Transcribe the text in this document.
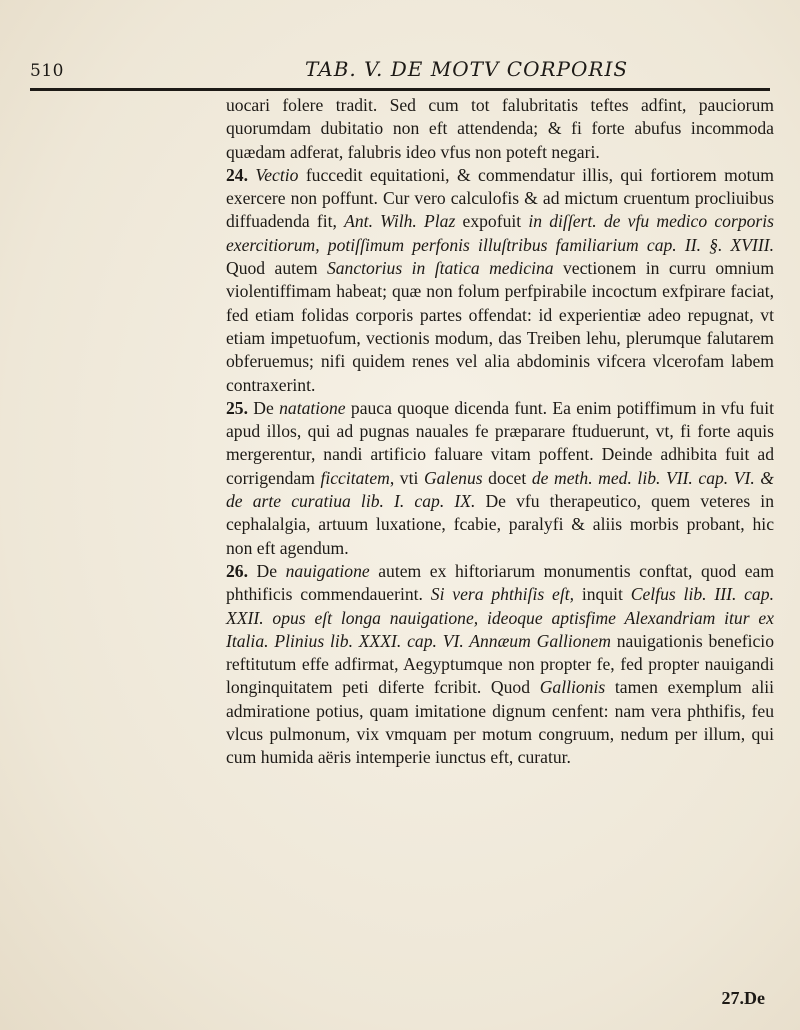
510	TAB. V. DE MOTV CORPORIS

uocari folere tradit. Sed cum tot falubritatis teftes adfint, pauciorum quorumdam dubitatio non eft attendenda; & fi forte abufus incommoda quædam adferat, falubris ideo vfus non poteft negari.

24. Vectio fuccedit equitationi, & commendatur illis, qui fortiorem motum exercere non poffunt. Cur vero calculofis & ad mictum cruentum procliuibus diffuadenda fit, Ant. Wilh. Plaz expofuit in diſſert. de vfu medico corporis exercitiorum, potiſſimum perfonis illuſtribus familiarium cap. II. §. XVIII. Quod autem Sanctorius in ſtatica medicina vectionem in curru omnium violentiffimam habeat; quæ non folum perfpirabile incoctum exfpirare faciat, fed etiam folidas corporis partes offendat: id experientiæ adeo repugnat, vt etiam impetuofum, vectionis modum, das Treiben lehu, plerumque falutarem obferuemus; nifi quidem renes vel alia abdominis vifcera vlcerofam labem contraxerint.

25. De natatione pauca quoque dicenda funt. Ea enim potiffimum in vfu fuit apud illos, qui ad pugnas nauales fe præparare ftuduerunt, vt, fi forte aquis mergerentur, nandi artificio faluare vitam poffent. Deinde adhibita fuit ad corrigendam ficcitatem, vti Galenus docet de meth. med. lib. VII. cap. VI. & de arte curatiua lib. I. cap. IX. De vfu therapeutico, quem veteres in cephalalgia, artuum luxatione, fcabie, paralyfi & aliis morbis probant, hic non eft agendum.

26. De nauigatione autem ex hiftoriarum monumentis conftat, quod eam phthificis commendauerint. Si vera phthiſis eſt, inquit Celfus lib. III. cap. XXII. opus eſt longa nauigatione, ideoque aptisfime Alexandriam itur ex Italia. Plinius lib. XXXI. cap. VI. Annæum Gallionem nauigationis beneficio reftitutum effe adfirmat, Aegyptumque non propter fe, fed propter nauigandi longinquitatem peti diferte fcribit. Quod Gallionis tamen exemplum alii admiratione potius, quam imitatione dignum cenfent: nam vera phthifis, feu vlcus pulmonum, vix vmquam per motum congruum, nedum per illum, qui cum humida aëris intemperie iunctus eft, curatur.

27.De
